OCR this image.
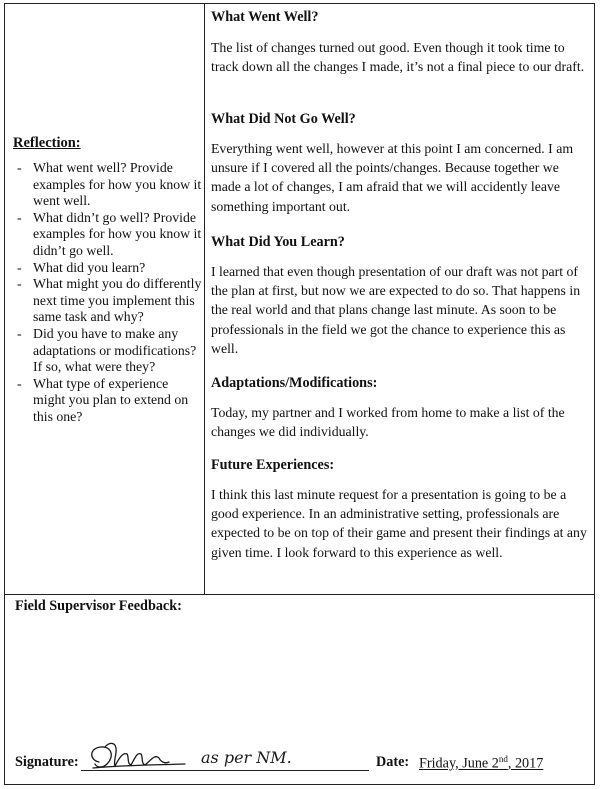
Reflection:
- What went well? Provide examples for how you know it went well.
- What didn’t go well? Provide examples for how you know it didn’t go well.
- What did you learn?
- What might you do differently next time you implement this same task and why?
- Did you have to make any adaptations or modifications? If so, what were they?
- What type of experience might you plan to extend on this one?

What Went Well?

The list of changes turned out good. Even though it took time to track down all the changes I made, it’s not a final piece to our draft.

What Did Not Go Well?

Everything went well, however at this point I am concerned. I am unsure if I covered all the points/changes. Because together we made a lot of changes, I am afraid that we will accidently leave something important out.

What Did You Learn?

I learned that even though presentation of our draft was not part of the plan at first, but now we are expected to do so. That happens in the real world and that plans change last minute. As soon to be professionals in the field we got the chance to experience this as well.

Adaptations/Modifications:

Today, my partner and I worked from home to make a list of the changes we did individually.

Future Experiences:

I think this last minute request for a presentation is going to be a good experience. In an administrative setting, professionals are expected to be on top of their game and present their findings at any given time. I look forward to this experience as well.

Field Supervisor Feedback:
Signature:	as per NM.	Date: Friday, June 2nd, 2017
